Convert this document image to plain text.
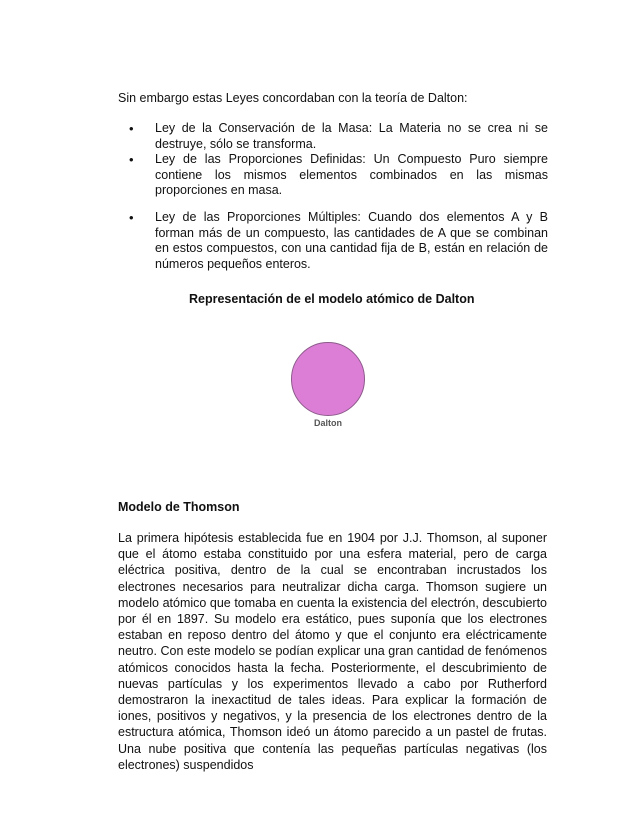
Sin embargo estas Leyes concordaban con la teoría de Dalton:
• Ley de la Conservación de la Masa: La Materia no se crea ni se destruye, sólo se transforma.
• Ley de las Proporciones Definidas: Un Compuesto Puro siempre contiene los mismos elementos combinados en las mismas proporciones en masa.
• Ley de las Proporciones Múltiples: Cuando dos elementos A y B forman más de un compuesto, las cantidades de A que se combinan en estos compuestos, con una cantidad fija de B, están en relación de números pequeños enteros.
Representación de el modelo atómico de Dalton
Dalton
Modelo de Thomson
La primera hipótesis establecida fue en 1904 por J.J. Thomson, al suponer que el átomo estaba constituido por una esfera material, pero de carga eléctrica positiva, dentro de la cual se encontraban incrustados los electrones necesarios para neutralizar dicha carga. Thomson sugiere un modelo atómico que tomaba en cuenta la existencia del electrón, descubierto por él en 1897. Su modelo era estático, pues suponía que los electrones estaban en reposo dentro del átomo y que el conjunto era eléctricamente neutro. Con este modelo se podían explicar una gran cantidad de fenómenos atómicos conocidos hasta la fecha. Posteriormente, el descubrimiento de nuevas partículas y los experimentos llevado a cabo por Rutherford demostraron la inexactitud de tales ideas. Para explicar la formación de iones, positivos y negativos, y la presencia de los electrones dentro de la estructura atómica, Thomson ideó un átomo parecido a un pastel de frutas. Una nube positiva que contenía las pequeñas partículas negativas (los electrones) suspendidos
